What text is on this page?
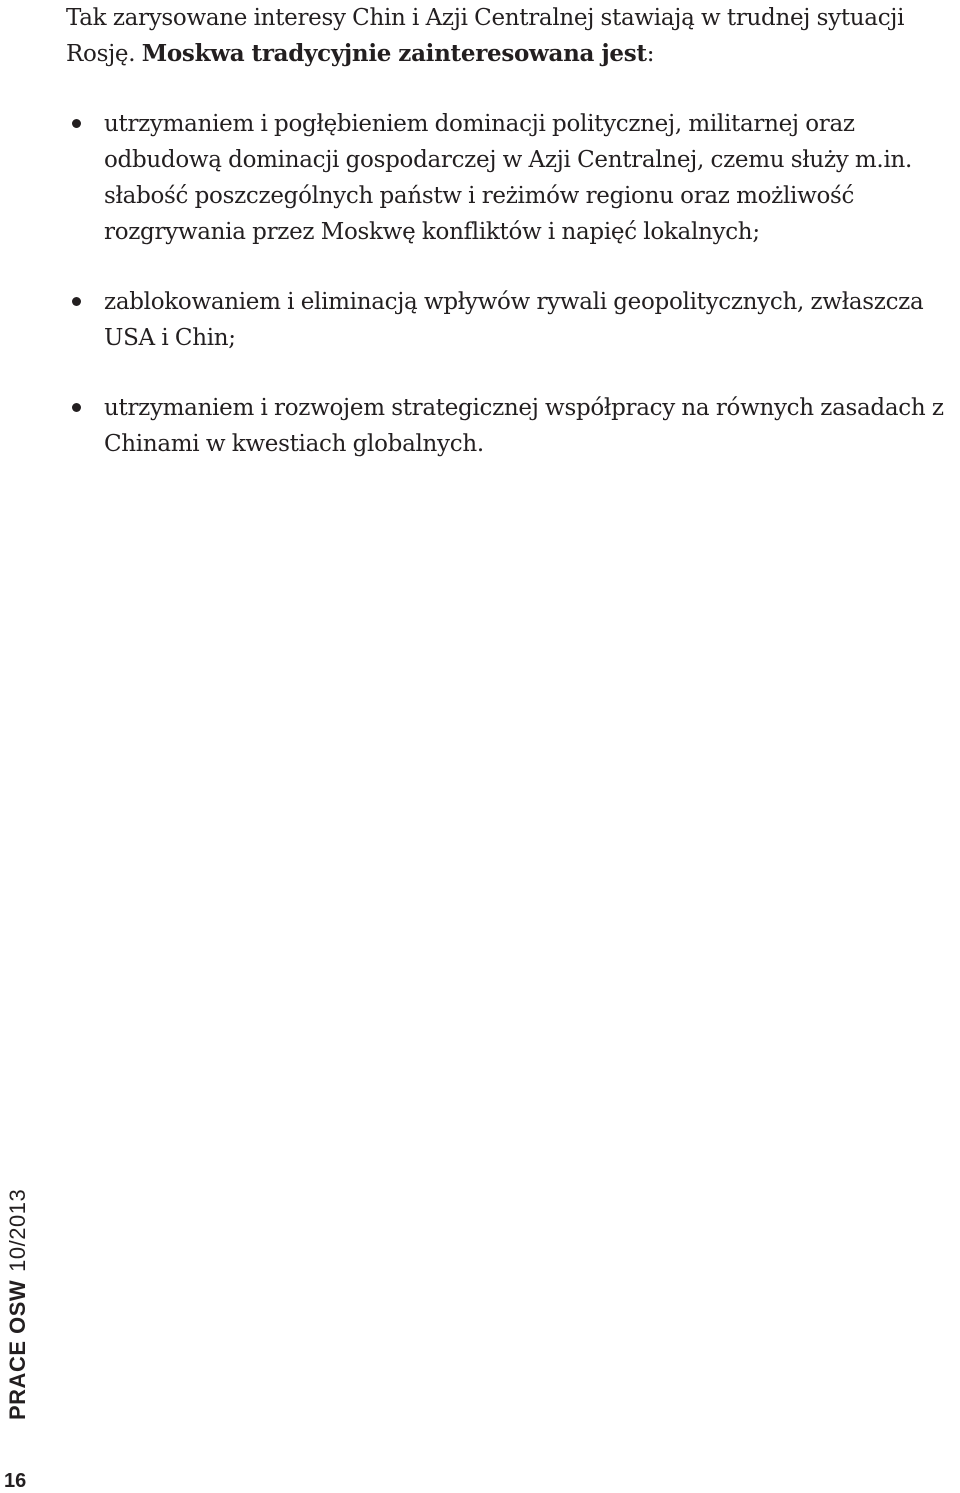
Tak zarysowane interesy Chin i Azji Centralnej stawiają w trudnej sytuacji Rosję. Moskwa tradycyjnie zainteresowana jest:

utrzymaniem i pogłębieniem dominacji politycznej, militarnej oraz odbudową dominacji gospodarczej w Azji Centralnej, czemu służy m.in. słabość poszczególnych państw i reżimów regionu oraz możliwość rozgrywania przez Moskwę konfliktów i napięć lokalnych;
zablokowaniem i eliminacją wpływów rywali geopolitycznych, zwłaszcza USA i Chin;
utrzymaniem i rozwojem strategicznej współpracy na równych zasadach z Chinami w kwestiach globalnych.
PRACE OSW10/2013
16
